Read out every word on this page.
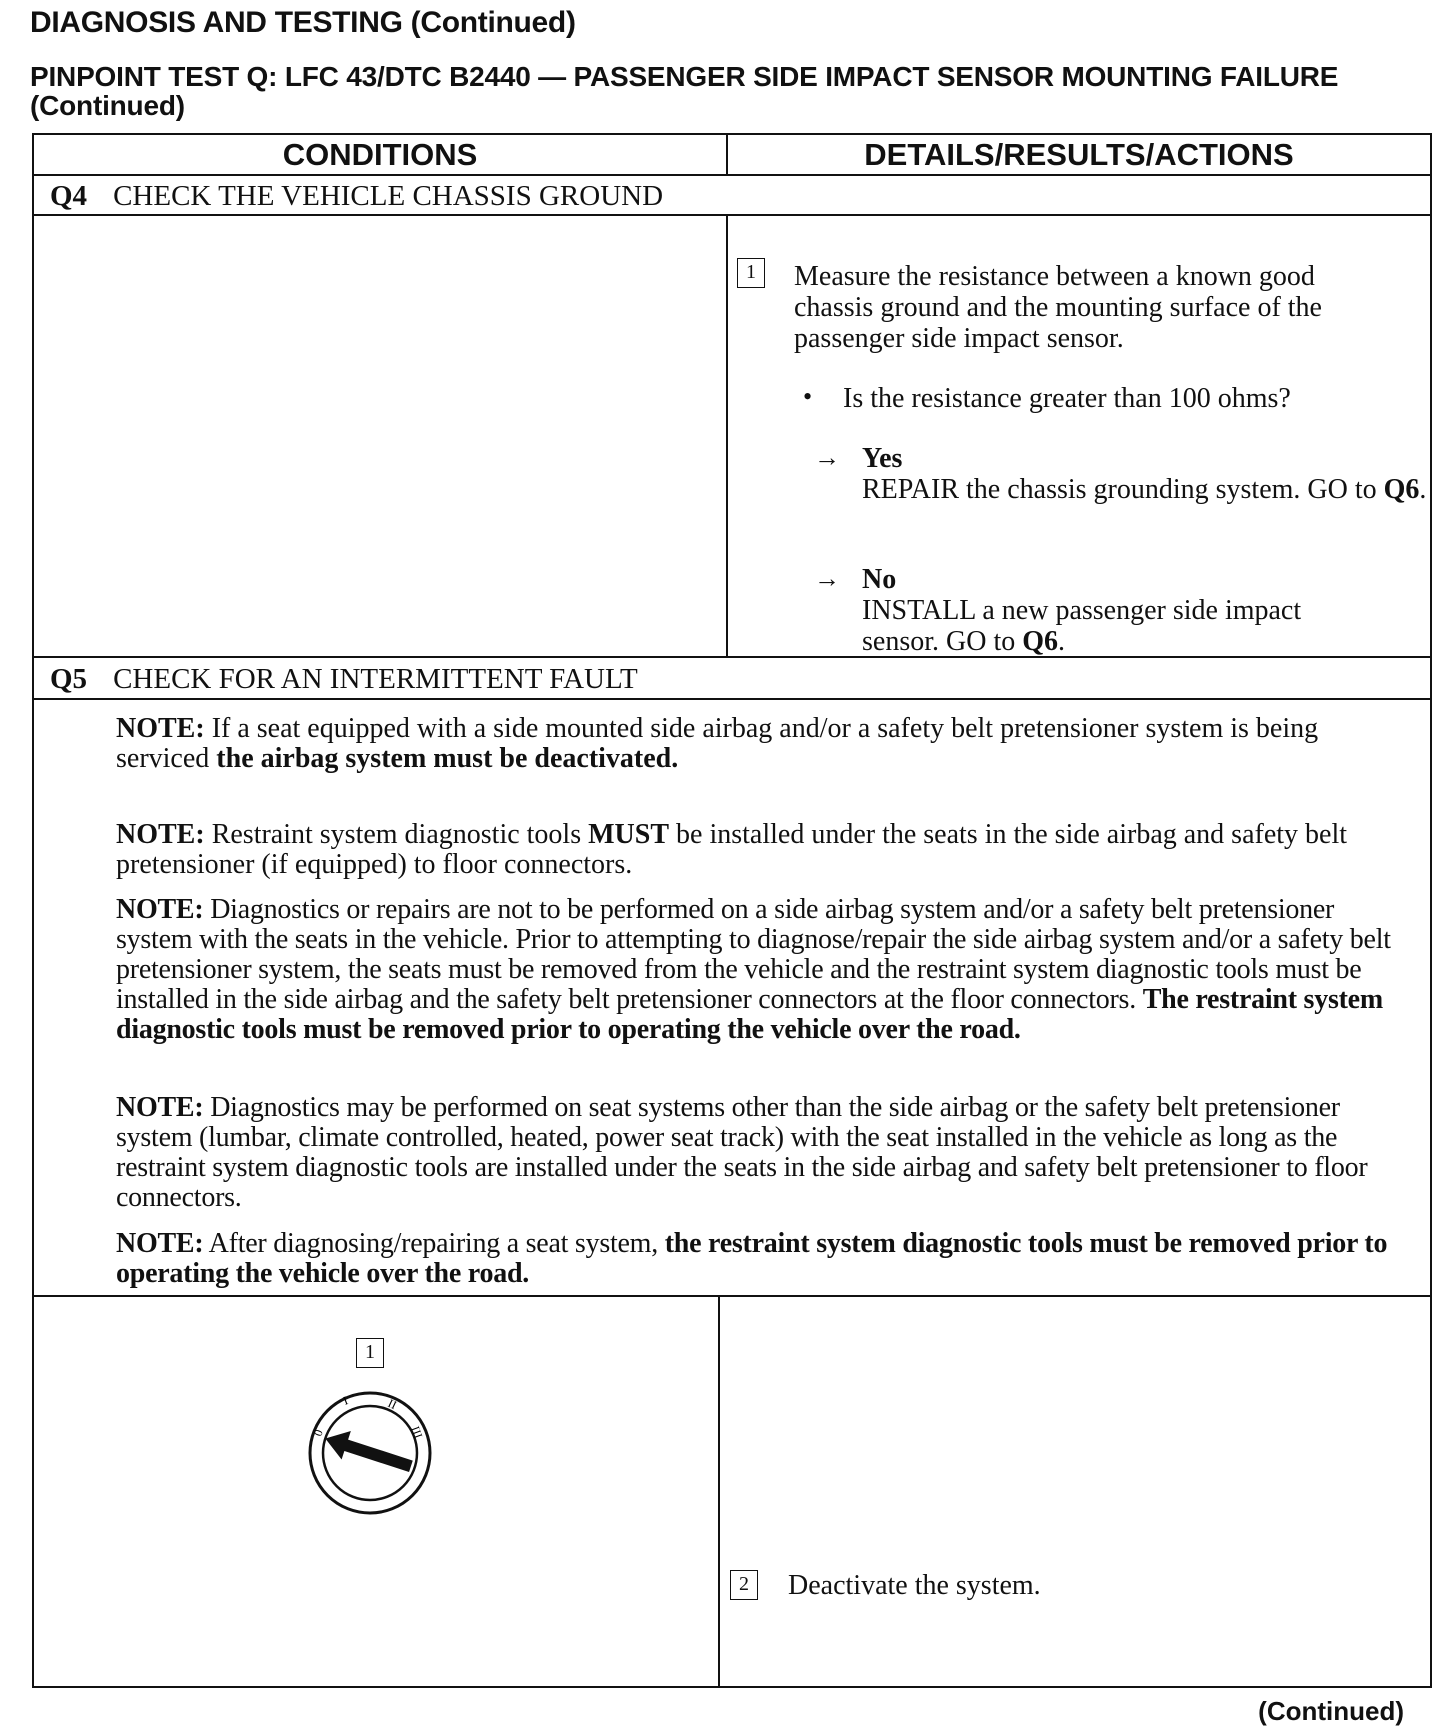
DIAGNOSIS AND TESTING (Continued)
PINPOINT TEST Q: LFC 43/DTC B2440 — PASSENGER SIDE IMPACT SENSOR MOUNTING FAILURE (Continued)
CONDITIONS	DETAILS/RESULTS/ACTIONS
Q4 CHECK THE VEHICLE CHASSIS GROUND
1	Measure the resistance between a known good chassis ground and the mounting surface of the passenger side impact sensor.

• Is the resistance greater than 100 ohms?

→ Yes

REPAIR the chassis grounding system. GO to Q6.

→ No

INSTALL a new passenger side impact sensor. GO to Q6.

Q5 CHECK FOR AN INTERMITTENT FAULT

NOTE: If a seat equipped with a side mounted side airbag and/or a safety belt pretensioner system is being serviced the airbag system must be deactivated.

NOTE: Restraint system diagnostic tools MUST be installed under the seats in the side airbag and safety belt pretensioner (if equipped) to floor connectors.

NOTE: Diagnostics or repairs are not to be performed on a side airbag system and/or a safety belt pretensioner system with the seats in the vehicle. Prior to attempting to diagnose/repair the side airbag system and/or a safety belt pretensioner system, the seats must be removed from the vehicle and the restraint system diagnostic tools must be installed in the side airbag and the safety belt pretensioner connectors at the floor connectors. The restraint system diagnostic tools must be removed prior to operating the vehicle over the road.

NOTE: Diagnostics may be performed on seat systems other than the side airbag or the safety belt pretensioner system (lumbar, climate controlled, heated, power seat track) with the seat installed in the vehicle as long as the restraint system diagnostic tools are installed under the seats in the side airbag and safety belt pretensioner to floor connectors.

NOTE: After diagnosing/repairing a seat system, the restraint system diagnostic tools must be removed prior to operating the vehicle over the road.

1
0
I	II
III
2	Deactivate the system.

(Continued)
